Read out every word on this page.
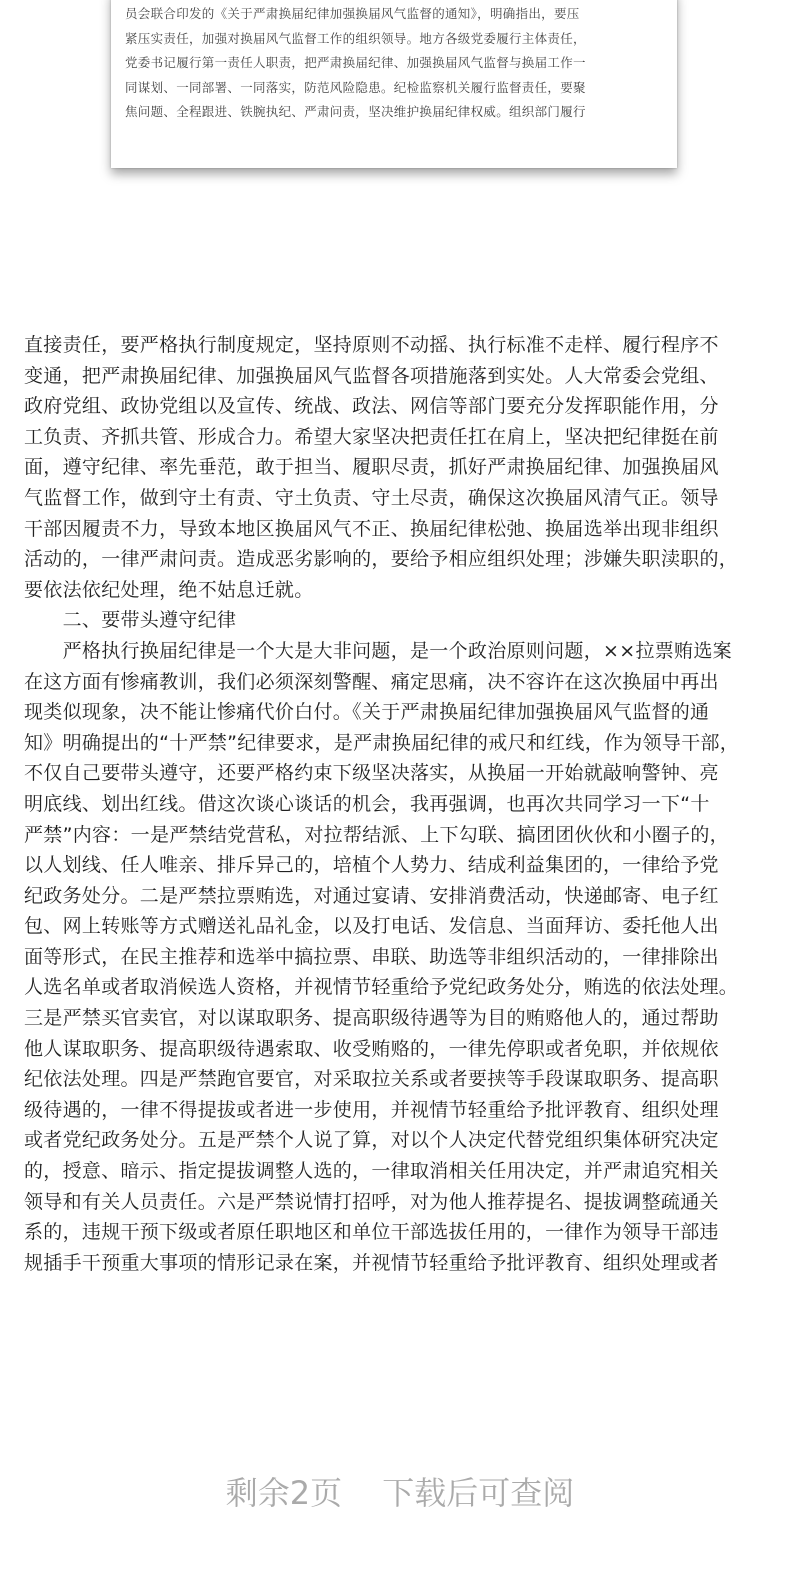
员会联合印发的《关于严肃换届纪律加强换届风气监督的通知》，明确指出，要压
紧压实责任，加强对换届风气监督工作的组织领导。地方各级党委履行主体责任，
党委书记履行第一责任人职责，把严肃换届纪律、加强换届风气监督与换届工作一
同谋划、一同部署、一同落实，防范风险隐患。纪检监察机关履行监督责任，要聚
焦问题、全程跟进、铁腕执纪、严肃问责，坚决维护换届纪律权威。组织部门履行
直接责任，要严格执行制度规定，坚持原则不动摇、执行标准不走样、履行程序不
变通，把严肃换届纪律、加强换届风气监督各项措施落到实处。人大常委会党组、
政府党组、政协党组以及宣传、统战、政法、网信等部门要充分发挥职能作用，分
工负责、齐抓共管、形成合力。希望大家坚决把责任扛在肩上，坚决把纪律挺在前
面，遵守纪律、率先垂范，敢于担当、履职尽责，抓好严肃换届纪律、加强换届风
气监督工作，做到守土有责、守土负责、守土尽责，确保这次换届风清气正。领导
干部因履责不力，导致本地区换届风气不正、换届纪律松弛、换届选举出现非组织
活动的，一律严肃问责。造成恶劣影响的，要给予相应组织处理；涉嫌失职渎职的，
要依法依纪处理，绝不姑息迁就。
　　二、要带头遵守纪律
　　严格执行换届纪律是一个大是大非问题，是一个政治原则问题，××拉票贿选案
在这方面有惨痛教训，我们必须深刻警醒、痛定思痛，决不容许在这次换届中再出
现类似现象，决不能让惨痛代价白付。《关于严肃换届纪律加强换届风气监督的通
知》明确提出的“十严禁”纪律要求，是严肃换届纪律的戒尺和红线，作为领导干部，
不仅自己要带头遵守，还要严格约束下级坚决落实，从换届一开始就敲响警钟、亮
明底线、划出红线。借这次谈心谈话的机会，我再强调，也再次共同学习一下“十
严禁”内容：一是严禁结党营私，对拉帮结派、上下勾联、搞团团伙伙和小圈子的，
以人划线、任人唯亲、排斥异己的，培植个人势力、结成利益集团的，一律给予党
纪政务处分。二是严禁拉票贿选，对通过宴请、安排消费活动，快递邮寄、电子红
包、网上转账等方式赠送礼品礼金，以及打电话、发信息、当面拜访、委托他人出
面等形式，在民主推荐和选举中搞拉票、串联、助选等非组织活动的，一律排除出
人选名单或者取消候选人资格，并视情节轻重给予党纪政务处分，贿选的依法处理。
三是严禁买官卖官，对以谋取职务、提高职级待遇等为目的贿赂他人的，通过帮助
他人谋取职务、提高职级待遇索取、收受贿赂的，一律先停职或者免职，并依规依
纪依法处理。四是严禁跑官要官，对采取拉关系或者要挟等手段谋取职务、提高职
级待遇的，一律不得提拔或者进一步使用，并视情节轻重给予批评教育、组织处理
或者党纪政务处分。五是严禁个人说了算，对以个人决定代替党组织集体研究决定
的，授意、暗示、指定提拔调整人选的，一律取消相关任用决定，并严肃追究相关
领导和有关人员责任。六是严禁说情打招呼，对为他人推荐提名、提拔调整疏通关
系的，违规干预下级或者原任职地区和单位干部选拔任用的，一律作为领导干部违
规插手干预重大事项的情形记录在案，并视情节轻重给予批评教育、组织处理或者
剩余2页 下载后可查阅
